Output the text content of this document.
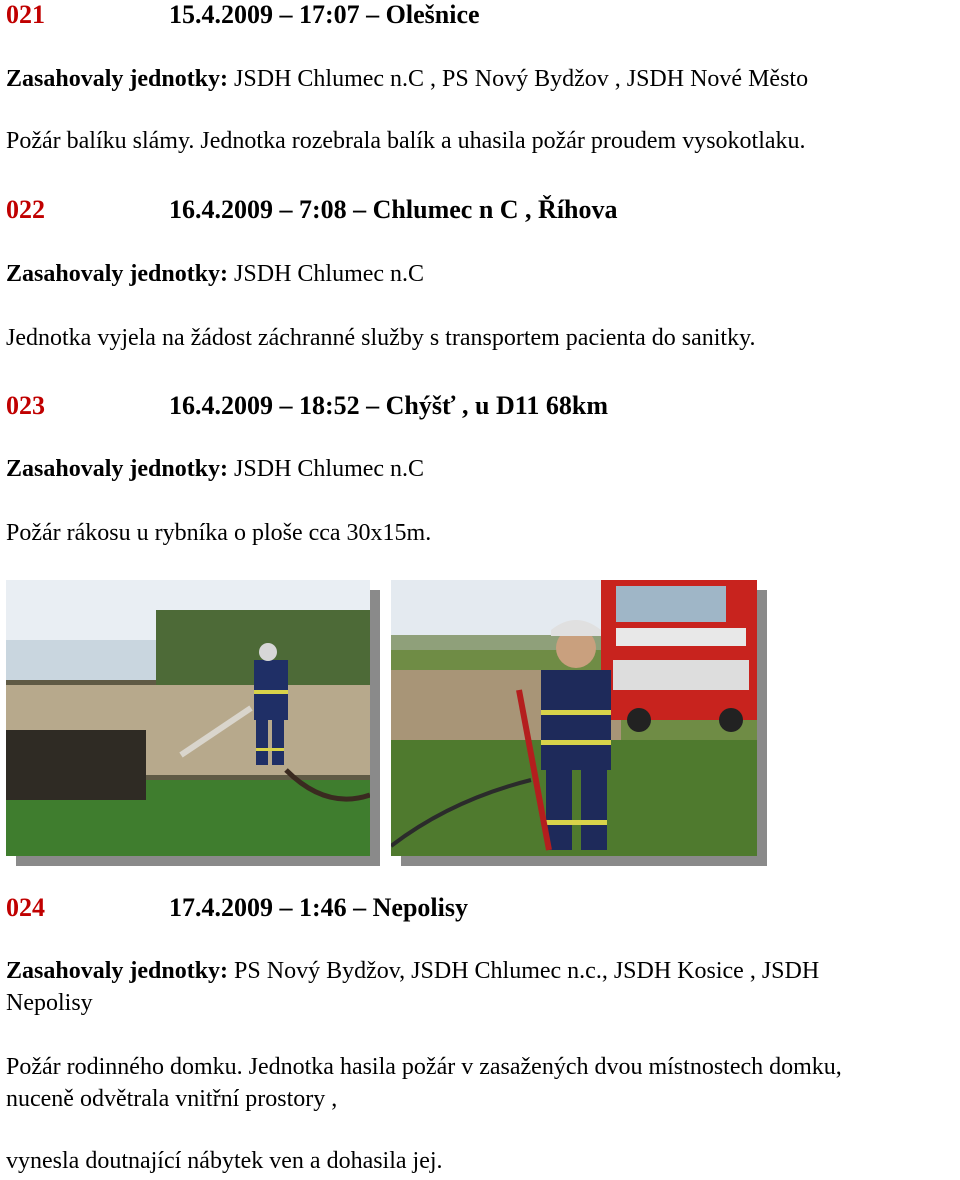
021	15.4.2009 – 17:07 – Olešnice
Zasahovaly jednotky: JSDH Chlumec n.C , PS Nový Bydžov , JSDH Nové Město
Požár balíku slámy. Jednotka rozebrala balík a uhasila požár proudem vysokotlaku.
022	16.4.2009 – 7:08 – Chlumec n C , Říhova
Zasahovaly jednotky: JSDH Chlumec n.C
Jednotka vyjela na žádost záchranné služby s transportem pacienta do sanitky.
023	16.4.2009 – 18:52 – Chýšť , u D11 68km
Zasahovaly jednotky: JSDH Chlumec n.C
Požár rákosu u rybníka o ploše cca 30x15m.
024	17.4.2009 – 1:46 – Nepolisy
Zasahovaly jednotky: PS Nový Bydžov, JSDH Chlumec n.c., JSDH Kosice , JSDH
Nepolisy
Požár rodinného domku. Jednotka hasila požár v zasažených dvou místnostech domku,
nuceně odvětrala vnitřní prostory ,
vynesla doutnající nábytek ven a dohasila jej.
